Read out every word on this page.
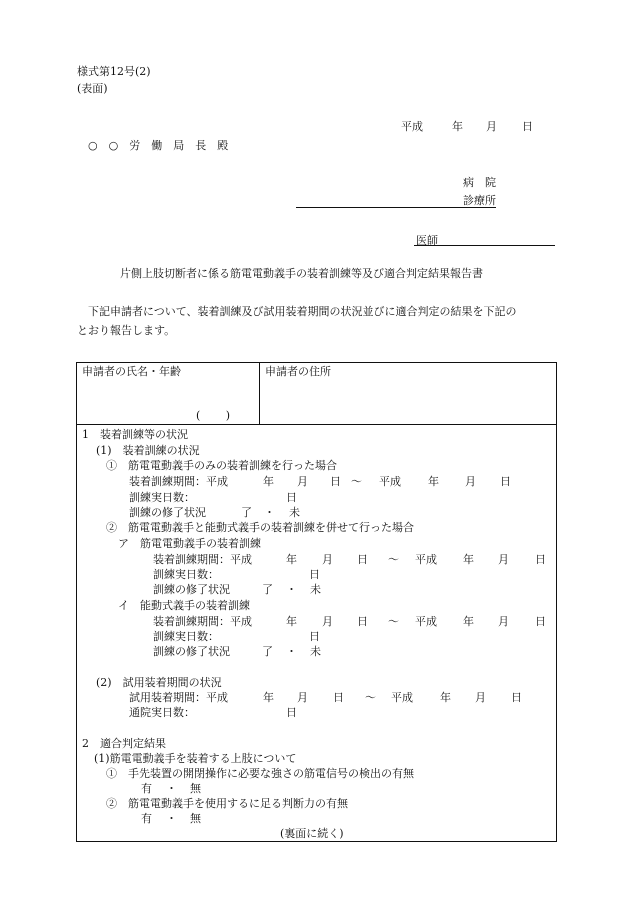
様式第12号(2)
(表面)
平成	年 月 日
○　○　労　働　局　長　殿
病　院
診療所
医師
片側上肢切断者に係る筋電電動義手の装着訓練等及び適合判定結果報告書
下記申請者について、装着訓練及び試用装着期間の状況並びに適合判定の結果を下記の
とおり報告します。
申請者の氏名・年齢
(　　 )
申請者の住所
1　装着訓練等の状況
(1)　装着訓練の状況
①　筋電電動義手のみの装着訓練を行った場合
装着訓練期間：平成	年 月 日 ～ 平成 年 月 日
訓練実日数：	日
訓練の修了状況	了 ・ 未
②　筋電電動義手と能動式義手の装着訓練を併せて行った場合
ア　筋電電動義手の装着訓練
装着訓練期間：平成	年 月 日 ～ 平成 年 月 日
訓練実日数：	日
訓練の修了状況	了 ・ 未
イ　能動式義手の装着訓練
装着訓練期間：平成	年 月 日 ～ 平成 年 月 日
訓練実日数：	日
訓練の修了状況	了 ・ 未
(2)　試用装着期間の状況
試用装着期間：平成	年 月 日 ～ 平成 年 月 日
通院実日数：	日
2　適合判定結果
(1)筋電電動義手を装着する上肢について
①　手先装置の開閉操作に必要な強さの筋電信号の検出の有無
有 ・ 無
②　筋電電動義手を使用するに足る判断力の有無
有 ・ 無
(裏面に続く)
